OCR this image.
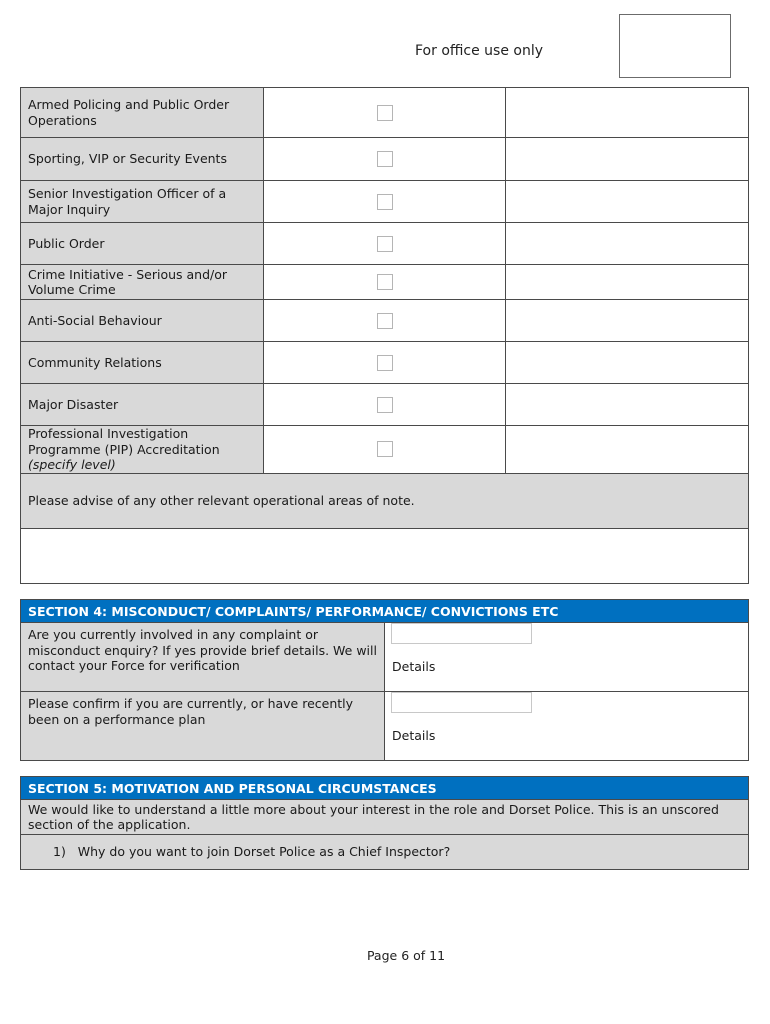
For office use only
Armed Policing and Public Order Operations	

Sporting, VIP or Security Events	

Senior Investigation Officer of a Major Inquiry	

Public Order	

Crime Initiative - Serious and/or Volume Crime	

Anti-Social Behaviour	

Community Relations	

Major Disaster	

Professional Investigation Programme (PIP) Accreditation
(specify level)	

Please advise of any other relevant operational areas of note.		

SECTION 4: MISCONDUCT/ COMPLAINTS/ PERFORMANCE/ CONVICTIONS ETC	
Are you currently involved in any complaint or misconduct enquiry? If yes provide brief details. We will contact your Force for verification	Details

Please confirm if you are currently, or have recently been on a performance plan	Details
SECTION 5: MOTIVATION AND PERSONAL CIRCUMSTANCES
We would like to understand a little more about your interest in the role and Dorset Police. This is an unscored section of the application.
1)   Why do you want to join Dorset Police as a Chief Inspector?
Page 6 of 11
